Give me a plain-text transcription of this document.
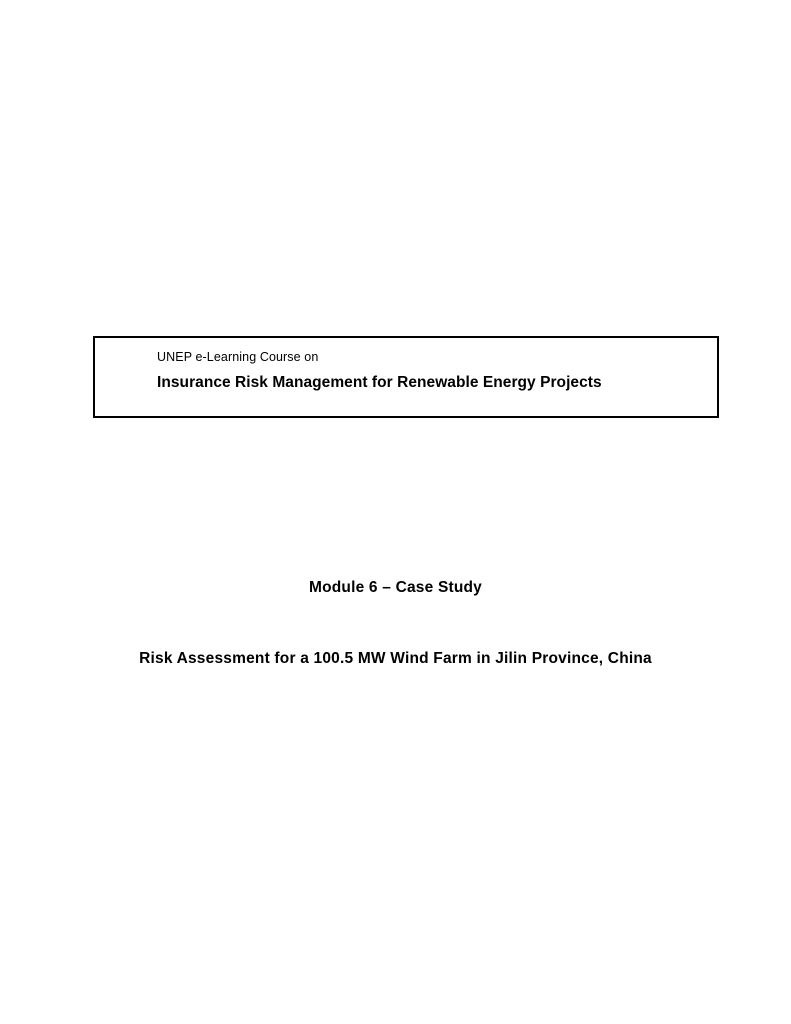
UNEP e-Learning Course on
Insurance Risk Management for Renewable Energy Projects
Module 6 – Case Study
Risk Assessment for a 100.5 MW Wind Farm in Jilin Province, China
